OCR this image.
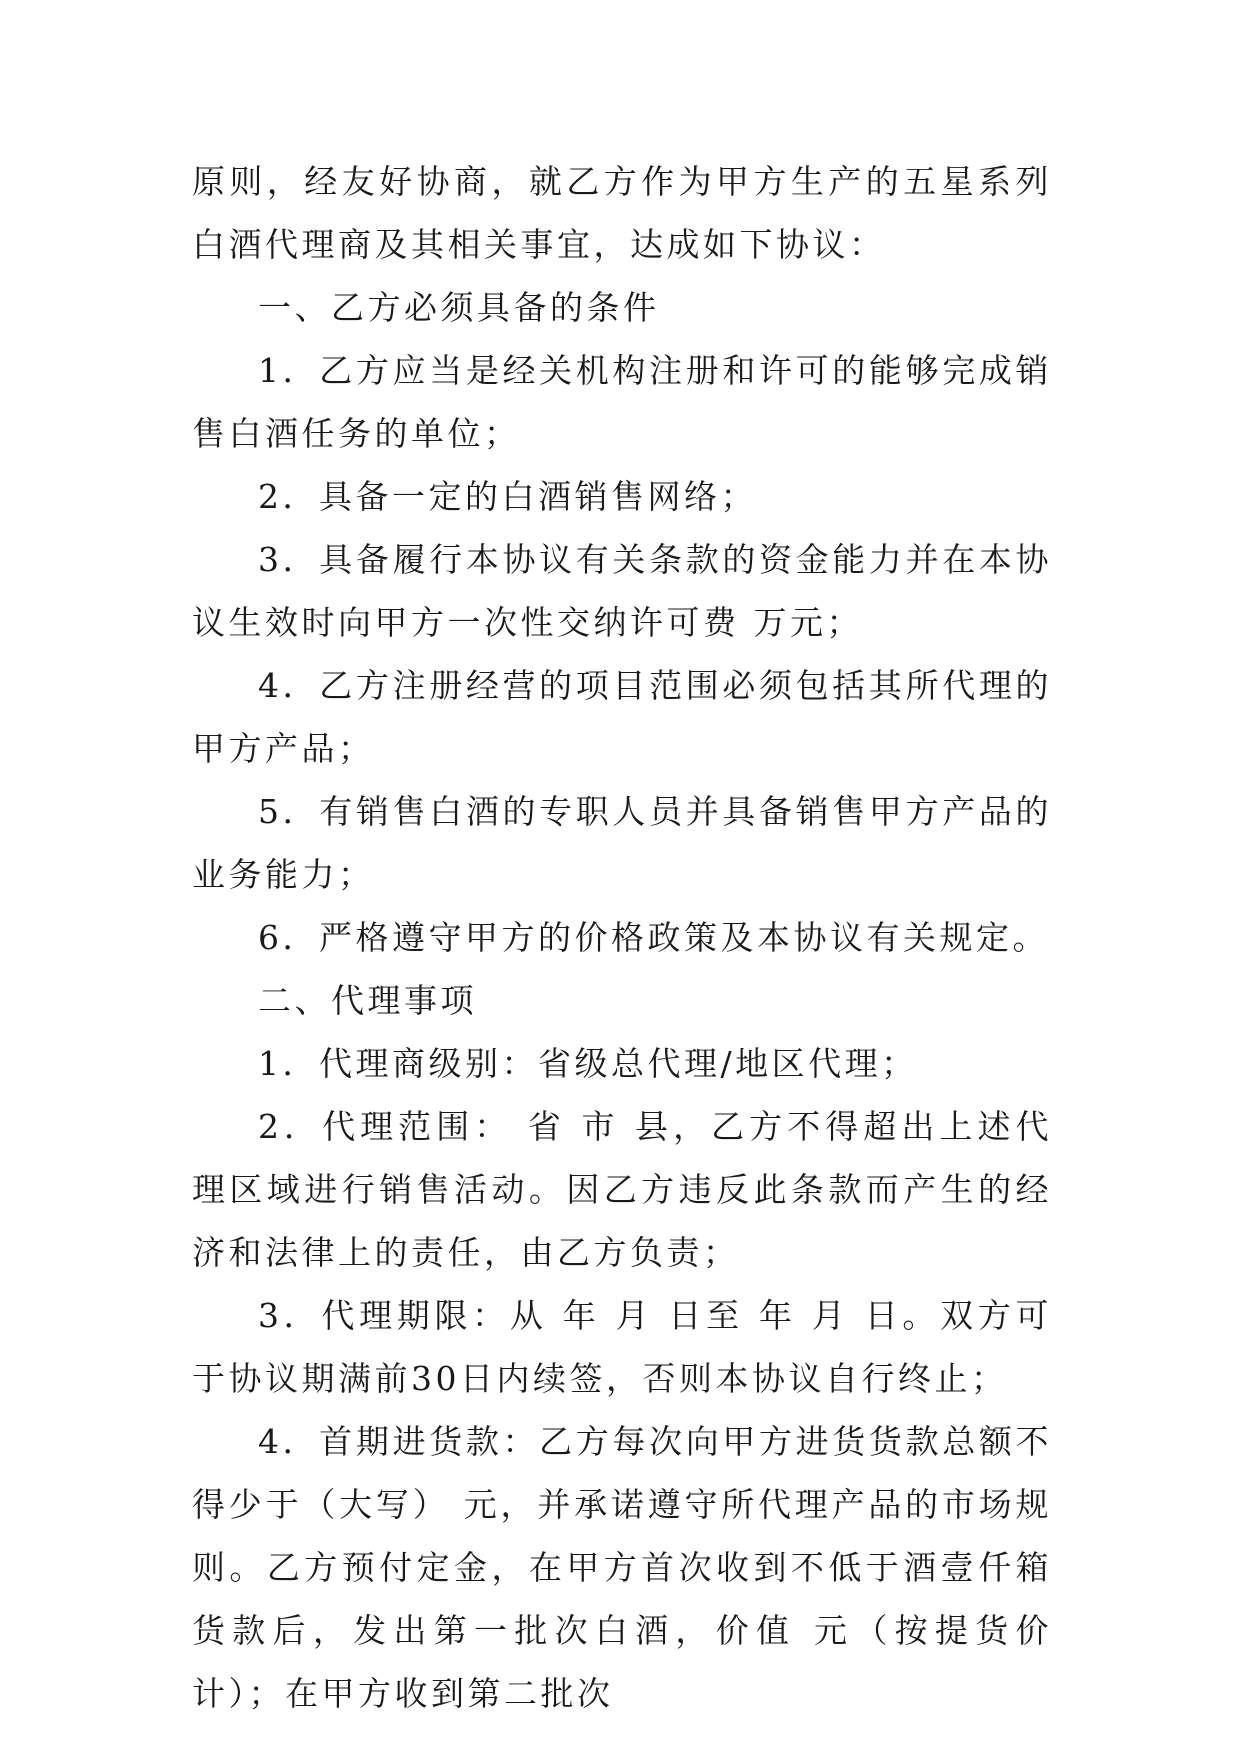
原则，经友好协商，就乙方作为甲方生产的五星系列白酒代理商及其相关事宜，达成如下协议：

一、乙方必须具备的条件

1．乙方应当是经关机构注册和许可的能够完成销售白酒任务的单位；

2．具备一定的白酒销售网络；

3．具备履行本协议有关条款的资金能力并在本协议生效时向甲方一次性交纳许可费 万元；

4．乙方注册经营的项目范围必须包括其所代理的甲方产品；

5．有销售白酒的专职人员并具备销售甲方产品的业务能力；

6．严格遵守甲方的价格政策及本协议有关规定。

二、代理事项

1．代理商级别：省级总代理/地区代理；

2．代理范围： 省 市 县，乙方不得超出上述代理区域进行销售活动。因乙方违反此条款而产生的经济和法律上的责任，由乙方负责；

3．代理期限：从 年 月 日至 年 月 日。双方可于协议期满前30日内续签，否则本协议自行终止；

4．首期进货款：乙方每次向甲方进货货款总额不得少于（大写） 元，并承诺遵守所代理产品的市场规则。乙方预付定金，在甲方首次收到不低于酒壹仟箱货款后，发出第一批次白酒，价值 元（按提货价计）；在甲方收到第二批次
